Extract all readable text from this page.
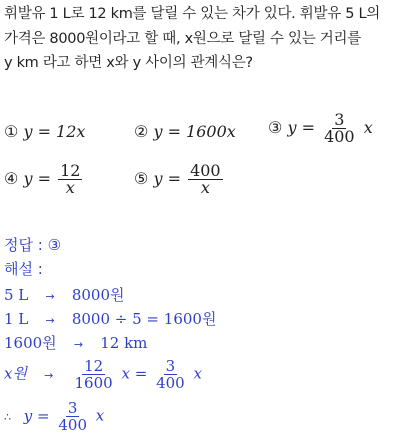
휘발유 1 L로 12 km를 달릴 수 있는 차가 있다. 휘발유 5 L의
가격은 8000원이라고 할 때, x원으로 달릴 수 있는 거리를
y km 라고 하면 x와 y 사이의 관계식은?
① y = 12x	② y = 1600x ③ $y = \frac{3}{400}$ x
④ $y = \frac{12}{x}$	⑤ $y = \frac{400}{x}$
정답 : ③
해설 :
5 L → 8000원
1 L → 8000 ÷ 5 = 1600원
1600원 → 12 km
x원 → $\frac{12}{1600}$ $x = \frac{3}{400}$ x
∴ $y = \frac{3}{400}$ x
